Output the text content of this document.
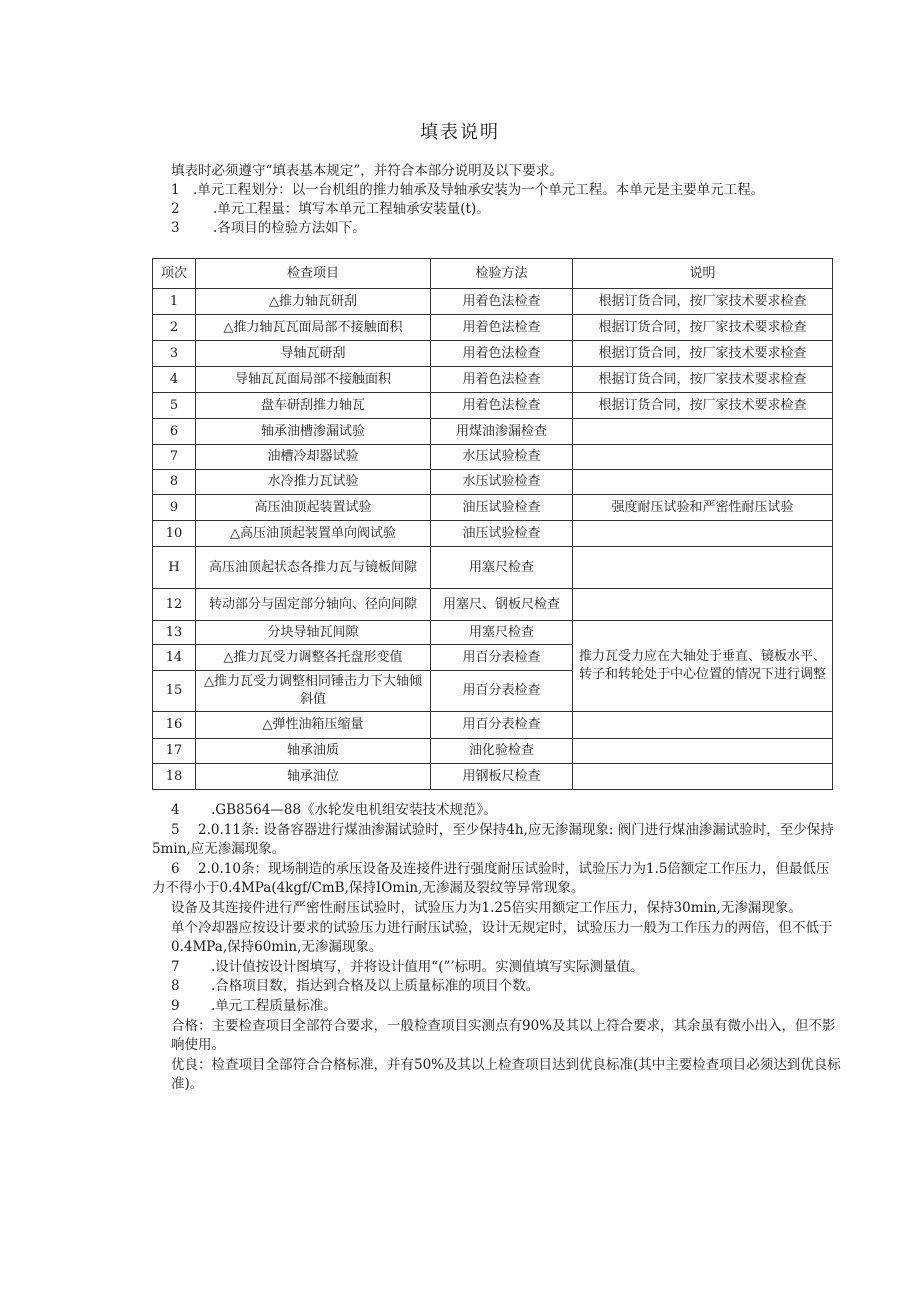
填表说明

填表时必须遵守“填表基本规定”，并符合本部分说明及以下要求。

1 .单元工程划分：以一台机组的推力轴承及导轴承安装为一个单元工程。本单元是主要单元工程。

2 .单元工程量：填写本单元工程轴承安装量(t)。

3 .各项目的检验方法如下。

项次	检查项目	检验方法	说明
1	△推力轴瓦研刮	用着色法检查	根据订货合同，按厂家技术要求检查
2	△推力轴瓦瓦面局部不接触面积	用着色法检查	根据订货合同，按厂家技术要求检查
3	导轴瓦研刮	用着色法检查	根据订货合同，按厂家技术要求检查
4	导轴瓦瓦面局部不接触面积	用着色法检查	根据订货合同，按厂家技术要求检查
5	盘车研刮推力轴瓦	用着色法检查	根据订货合同，按厂家技术要求检查
6	轴承油槽渗漏试验	用煤油渗漏检查	
7	油槽冷却器试验	水压试验检查	
8	水冷推力瓦试验	水压试验检查	
9	高压油顶起装置试验	油压试验检查	强度耐压试验和严密性耐压试验
10	△高压油顶起装置单向阀试验	油压试验检查	
H	高压油顶起状态各推力瓦与镜板间隙	用塞尺检查	
12	转动部分与固定部分轴向、径向间隙	用塞尺、钢板尺检查	
13	分块导轴瓦间隙	用塞尺检查	推力瓦受力应在大轴处于垂直、镜板水平、转子和转轮处于中心位置的情况下进行调整
14	△推力瓦受力调整各托盘形变值	用百分表检查	
15	△推力瓦受力调整相同锤击力下大轴倾斜值	用百分表检查	
16	△弹性油箱压缩量	用百分表检查	
17	轴承油质	油化验检查	
18	轴承油位	用钢板尺检查	

4 .GB8564—88《水轮发电机组安装技术规范》。

5 2.0.11条: 设备容器进行煤油渗漏试验时，至少保持4h,应无渗漏现象: 阀门进行煤油渗漏试验时，至少保持5min,应无渗漏现象。

6 2.0.10条：现场制造的承压设备及连接件进行强度耐压试验时，试验压力为1.5倍额定工作压力，但最低压力不得小于0.4MPa(4kgf/CmB,保持IOmin,无渗漏及裂纹等异常现象。

设备及其连接件进行严密性耐压试验时，试验压力为1.25倍实用额定工作压力，保持30min,无渗漏现象。

单个冷却器应按设计要求的试验压力进行耐压试验，设计无规定时，试验压力一般为工作压力的两倍，但不低于0.4MPa,保持60min,无渗漏现象。

7 .设计值按设计图填写，并将设计值用“(”’标明。实测值填写实际测量值。

8 .合格项目数，指达到合格及以上质量标准的项目个数。

9 .单元工程质量标准。

合格：主要检查项目全部符合要求，一般检查项目实测点有90%及其以上符合要求，其余虽有微小出入，但不影响使用。

优良：检查项目全部符合合格标准，并有50%及其以上检查项目达到优良标准(其中主要检查项目必须达到优良标准)。
